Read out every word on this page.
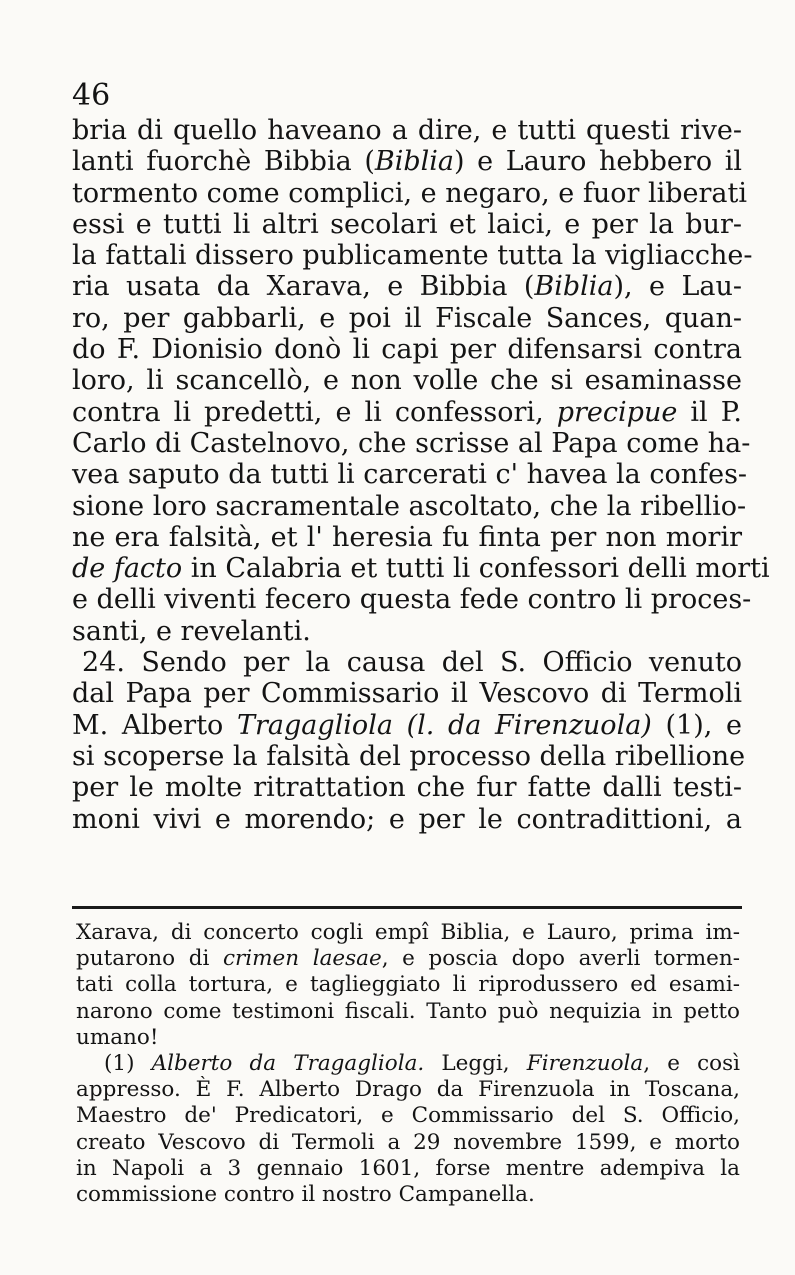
46
bria di quello haveano a dire, e tutti questi rive-
lanti fuorchè Bibbia (Biblia) e Lauro hebbero il
tormento come complici, e negaro, e fuor liberati
essi e tutti li altri secolari et laici, e per la bur-
la fattali dissero publicamente tutta la vigliacche-
ria usata da Xarava, e Bibbia (Biblia), e Lau-
ro, per gabbarli, e poi il Fiscale Sances, quan-
do F. Dionisio donò li capi per difensarsi contra
loro, li scancellò, e non volle che si esaminasse
contra li predetti, e li confessori, precipue il P.
Carlo di Castelnovo, che scrisse al Papa come ha-
vea saputo da tutti li carcerati c' havea la confes-
sione loro sacramentale ascoltato, che la ribellio-
ne era falsità, et l' heresia fu finta per non morir
de facto in Calabria et tutti li confessori delli morti
e delli viventi fecero questa fede contro li proces-
santi, e revelanti.
24. Sendo per la causa del S. Officio venuto
dal Papa per Commissario il Vescovo di Termoli
M. Alberto Tragagliola (l. da Firenzuola) (1), e
si scoperse la falsità del processo della ribellione
per le molte ritrattation che fur fatte dalli testi-
moni vivi e morendo; e per le contradittioni, a
Xarava, di concerto cogli empî Biblia, e Lauro, prima im-
putarono di crimen laesae, e poscia dopo averli tormen-
tati colla tortura, e taglieggiato li riprodussero ed esami-
narono come testimoni fiscali. Tanto può nequizia in petto
umano!
(1) Alberto da Tragagliola. Leggi, Firenzuola, e così
appresso. È F. Alberto Drago da Firenzuola in Toscana,
Maestro de' Predicatori, e Commissario del S. Officio,
creato Vescovo di Termoli a 29 novembre 1599, e morto
in Napoli a 3 gennaio 1601, forse mentre adempiva la
commissione contro il nostro Campanella.
